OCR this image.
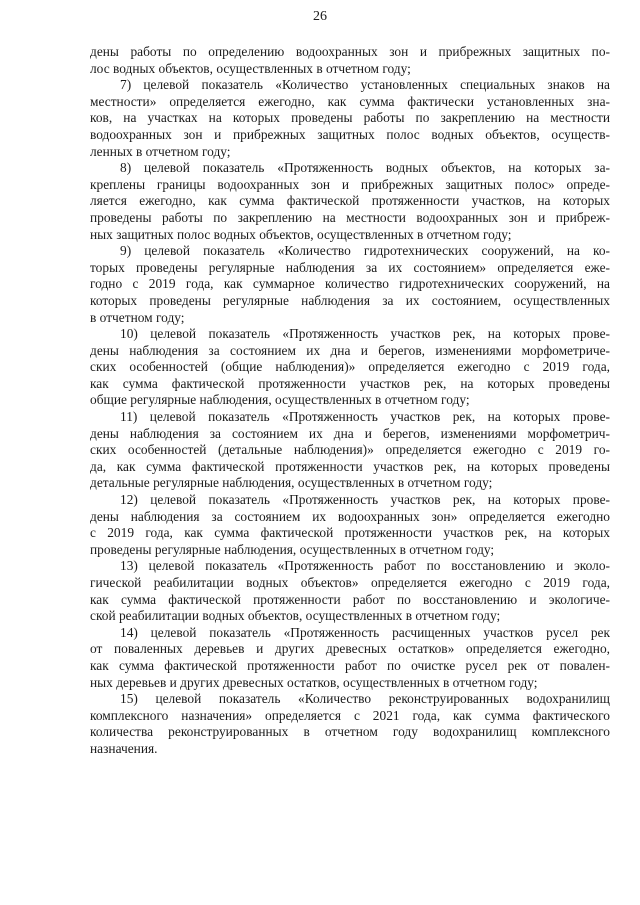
26
дены работы по определению водоохранных зон и прибрежных защитных по-
лос водных объектов, осуществленных в отчетном году;
7) целевой показатель «Количество установленных специальных знаков на
местности» определяется ежегодно, как сумма фактически установленных зна-
ков, на участках на которых проведены работы по закреплению на местности
водоохранных зон и прибрежных защитных полос водных объектов, осуществ-
ленных в отчетном году;
8) целевой показатель «Протяженность водных объектов, на которых за-
креплены границы водоохранных зон и прибрежных защитных полос» опреде-
ляется ежегодно, как сумма фактической протяженности участков, на которых
проведены работы по закреплению на местности водоохранных зон и прибреж-
ных защитных полос водных объектов, осуществленных в отчетном году;
9) целевой показатель «Количество гидротехнических сооружений, на ко-
торых проведены регулярные наблюдения за их состоянием» определяется еже-
годно с 2019 года, как суммарное количество гидротехнических сооружений, на
которых проведены регулярные наблюдения за их состоянием, осуществленных
в отчетном году;
10) целевой показатель «Протяженность участков рек, на которых прове-
дены наблюдения за состоянием их дна и берегов, изменениями морфометриче-
ских особенностей (общие наблюдения)» определяется ежегодно с 2019 года,
как сумма фактической протяженности участков рек, на которых проведены
общие регулярные наблюдения, осуществленных в отчетном году;
11) целевой показатель «Протяженность участков рек, на которых прове-
дены наблюдения за состоянием их дна и берегов, изменениями морфометрич-
ских особенностей (детальные наблюдения)» определяется ежегодно с 2019 го-
да, как сумма фактической протяженности участков рек, на которых проведены
детальные регулярные наблюдения, осуществленных в отчетном году;
12) целевой показатель «Протяженность участков рек, на которых прове-
дены наблюдения за состоянием их водоохранных зон» определяется ежегодно
с 2019 года, как сумма фактической протяженности участков рек, на которых
проведены регулярные наблюдения, осуществленных в отчетном году;
13) целевой показатель «Протяженность работ по восстановлению и эколо-
гической реабилитации водных объектов» определяется ежегодно с 2019 года,
как сумма фактической протяженности работ по восстановлению и экологиче-
ской реабилитации водных объектов, осуществленных в отчетном году;
14) целевой показатель «Протяженность расчищенных участков русел рек
от поваленных деревьев и других древесных остатков» определяется ежегодно,
как сумма фактической протяженности работ по очистке русел рек от повален-
ных деревьев и других древесных остатков, осуществленных в отчетном году;
15) целевой показатель «Количество реконструированных водохранилищ
комплексного назначения» определяется с 2021 года, как сумма фактического
количества реконструированных в отчетном году водохранилищ комплексного
назначения.
